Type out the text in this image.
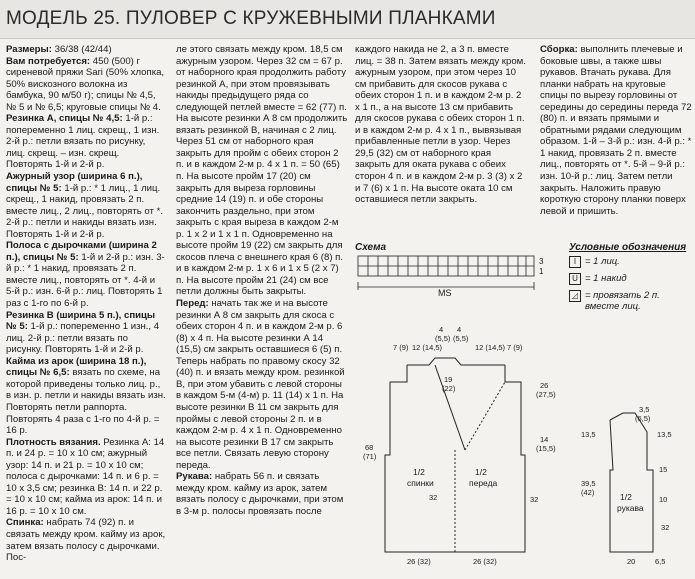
МОДЕЛЬ 25. ПУЛОВЕР С КРУЖЕВНЫМИ ПЛАНКАМИ

Размеры: 36/38 (42/44)

Вам потребуется: 450 (500) г сиреневой пряжи Sari (50% хлопка, 50% вискозного волокна из бамбука, 90 м/50 г); спицы № 4,5, № 5 и № 6,5; круговые спицы № 4.

Резинка А, спицы № 4,5: 1-й р.: попеременно 1 лиц. скрещ., 1 изн. 2-й р.: петли вязать по рисунку, лиц. скрещ. – изн. скрещ. Повторять 1-й и 2-й р.

Ажурный узор (ширина 6 п.), спицы № 5: 1-й р.: * 1 лиц., 1 лиц. скрещ., 1 накид, провязать 2 п. вместе лиц., 2 лиц., повторять от *. 2-й р.: петли и накиды вязать изн. Повторять 1-й и 2-й р.

Полоса с дырочками (ширина 2 п.), спицы № 5: 1-й и 2-й р.: изн. 3-й р.: * 1 накид, провязать 2 п. вместе лиц., повторять от *. 4-й и 5-й р.: изн. 6-й р.: лиц. Повторять 1 раз с 1-го по 6-й р.

Резинка В (ширина 5 п.), спицы № 5: 1-й р.: попеременно 1 изн., 4 лиц. 2-й р.: петли вязать по рисунку. Повторять 1-й и 2-й р.

Кайма из арок (ширина 18 п.), спицы № 6,5: вязать по схеме, на которой приведены только лиц. р., в изн. р. петли и накиды вязать изн. Повторять петли раппорта. Повторять 4 раза с 1-го по 4-й р. = 16 р.

Плотность вязания. Резинка А: 14 п. и 24 р. = 10 х 10 см; ажурный узор: 14 п. и 21 р. = 10 х 10 см; полоса с дырочками: 14 п. и 6 р. = 10 х 3,5 см; резинка В: 14 п. и 22 р. = 10 х 10 см; кайма из арок: 14 п. и 16 р. = 10 х 10 см.

Спинка: набрать 74 (92) п. и связать между кром. кайму из арок, затем вязать полосу с дырочками. Пос-

ле этого связать между кром. 18,5 см ажурным узором. Через 32 см = 67 р. от наборного края продолжить работу резинкой А, при этом провязывать накиды предыдущего ряда со следующей петлей вместе = 62 (77) п. На высоте резинки А 8 см продолжить вязать резинкой В, начиная с 2 лиц. Через 51 см от наборного края закрыть для пройм с обеих сторон 2 п. и в каждом 2-м р. 4 х 1 п. = 50 (65) п. На высоте пройм 17 (20) см закрыть для выреза горловины средние 14 (19) п. и обе стороны закончить раздельно, при этом закрыть с края выреза в каждом 2-м р. 1 х 2 и 1 х 1 п. Одновременно на высоте пройм 19 (22) см закрыть для скосов плеча с внешнего края 6 (8) п. и в каждом 2-м р. 1 х 6 и 1 х 5 (2 х 7) п. На высоте пройм 21 (24) см все петли должны быть закрыты.

Перед: начать так же и на высоте резинки А 8 см закрыть для скоса с обеих сторон 4 п. и в каждом 2-м р. 6 (8) х 4 п. На высоте резинки А 14 (15,5) см закрыть оставшиеся 6 (5) п. Теперь набрать по правому скосу 32 (40) п. и вязать между кром. резинкой В, при этом убавить с левой стороны в каждом 5-м (4-м) р. 11 (14) х 1 п. На высоте резинки В 11 см закрыть для проймы с левой стороны 2 п. и в каждом 2-м р. 4 х 1 п. Одновременно на высоте резинки В 17 см закрыть все петли. Связать левую сторону переда.

Рукава: набрать 56 п. и связать между кром. кайму из арок, затем вязать полосу с дырочками, при этом в 3-м р. полосы провязать после

каждого накида не 2, а 3 п. вместе лиц. = 38 п. Затем вязать между кром. ажурным узором, при этом через 10 см прибавить для скосов рукава с обеих сторон 1 п. и в каждом 2-м р. 2 х 1 п., а на высоте 13 см прибавить для скосов рукава с обеих сторон 1 п. и в каждом 2-м р. 4 х 1 п., вывязывая прибавленные петли в узор. Через 29,5 (32) см от наборного края закрыть для оката рукава с обеих сторон 4 п. и в каждом 2-м р. 3 (3) х 2 и 7 (6) х 1 п. На высоте оката 10 см оставшиеся петли закрыть.

Сборка: выполнить плечевые и боковые швы, а также швы рукавов. Втачать рукава. Для планки набрать на круговые спицы по вырезу горловины от середины до середины переда 72 (80) п. и вязать прямыми и обратными рядами следующим образом. 1-й – 3-й р.: изн. 4-й р.: * 1 накид, провязать 2 п. вместе лиц., повторять от *. 5-й – 9-й р.: изн. 10-й р.: лиц. Затем петли закрыть. Наложить правую короткую сторону планки поверх левой и пришить.

Схема
3
1
MS
Условные обозначения
I = 1 лиц.
U = 1 накид
◿ = провязать 2 п. вместе лиц.
1/2
спинки
1/2
переда
1/2
рукава
7 (9)	7 (9)
12 (14,5)	12 (14,5)
4
(5,5)
4
(5,5)
19
(22)	26
(27,5)
68
(71)
14
(15,5)
32	32
26 (32)	26 (32)
3,5
(6,5)
13,5	13,5
39,5
(42)
15
10
32
20	6,5
